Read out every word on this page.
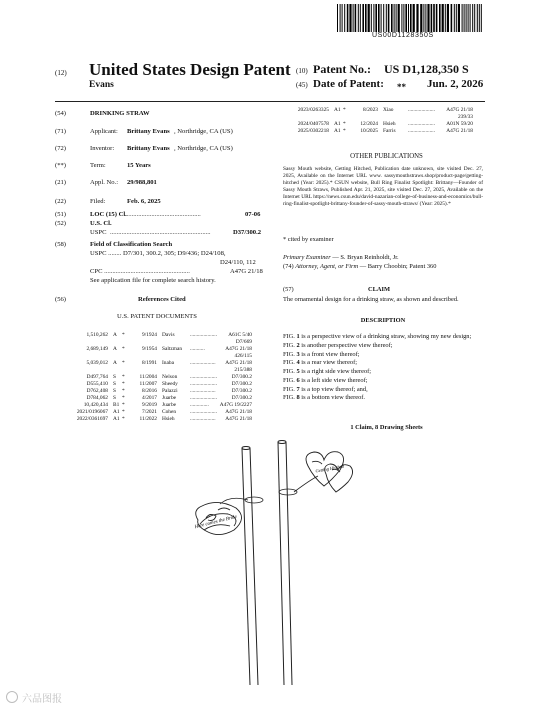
US00D1128350S
(12) United States Design Patent
Evans
(10) Patent No.: US D1,128,350 S
(45) Date of Patent: ** Jun. 2, 2026
(54)	DRINKING STRAW
(71)	Applicant: Brittany Evans , Northridge, CA (US)
(72)	Inventor: Brittany Evans , Northridge, CA (US)
(**)	Term:	15 Years
(21)	Appl. No.: 29/988,801
(22)	Filed:	Feb. 6, 2025
(51)	LOC (15) Cl.
..............................................	07-06
(52)	U.S. Cl.
USPC .............................................................	D37/300.2
(58)	Field of Classification Search
USPC ........ D7/301, 300.2, 305; D9/436; D24/108,
D24/110, 112
CPC ....................................................	A47G 21/18
See application file for complete search history.
(56)	References Cited
U.S. PATENT DOCUMENTS
1,510,262 A *	9/1924 Davis	.................... A61C 5/40
D7/669
2,689,149 A *	9/1954 Saltzman ...........	A47G 21/18
426/115
5,039,012 A *	8/1991 Inaba	................... A47G 21/18
215/388
D497,764 S *	11/2004 Nelson ....................	D7/300.2
D555,410 S *	11/2007 Sheedy ....................	D7/300.2
D762,408 S *	8/2016 Palazzi ...................	D7/300.2
D784,062 S *	4/2017 Juarbe	....................	D7/300.2
10,420,434 B1 *	9/2019 Juarbe	.............. A47G 19/2227
2021/0196067 A1 *	7/2021 Cohen	.................... A47G 21/18
2022/0361697 A1 *	11/2022 Hsieh	................... A47G 21/18
2023/0263325 A1 *	8/2023 Xiao	.................... A47G 21/18
239/33
2024/0407578 A1 *	12/2024 Hsieh .................... A01N 59/20
2025/0302218 A1 *	10/2025 Farris .................... A47G 21/18
OTHER PUBLICATIONS
Sassy Mouth website, Getting Hitched, Publication date unknown, site visited Dec. 27, 2025, Available on the Internet URL www. sassymouthstraws.shop/product-page/getting-hitched (Year: 2025).* CSUN website, Bull Ring Finalist Spotlight: Brittany—Founder of Sassy Mouth Straws, Published Apr. 21, 2025, site visited Dec. 27, 2025, Available on the Internet URL https://news.csun.edu/david-nazarian-college-of-business-and-economics/bull-ring-finalist-spotlight-brittany-founder-of-sassy-mouth-straws/ (Year: 2025).*
* cited by examiner
Primary Examiner — S. Bryan Reinholdt, Jr.
(74) Attorney, Agent, or Firm — Barry Choobin; Patent 360
(57)	CLAIM
The ornamental design for a drinking straw, as shown and described.
DESCRIPTION

FIG. 1 is a perspective view of a drinking straw, showing my new design;

FIG. 2 is another perspective view thereof;

FIG. 3 is a front view thereof;

FIG. 4 is a rear view thereof;

FIG. 5 is a right side view thereof;

FIG. 6 is a left side view thereof;

FIG. 7 is a top view thereof; and,

FIG. 8 is a bottom view thereof.

1 Claim, 8 Drawing Sheets
Here comes the Bride
Getting Hitched
六品图报
